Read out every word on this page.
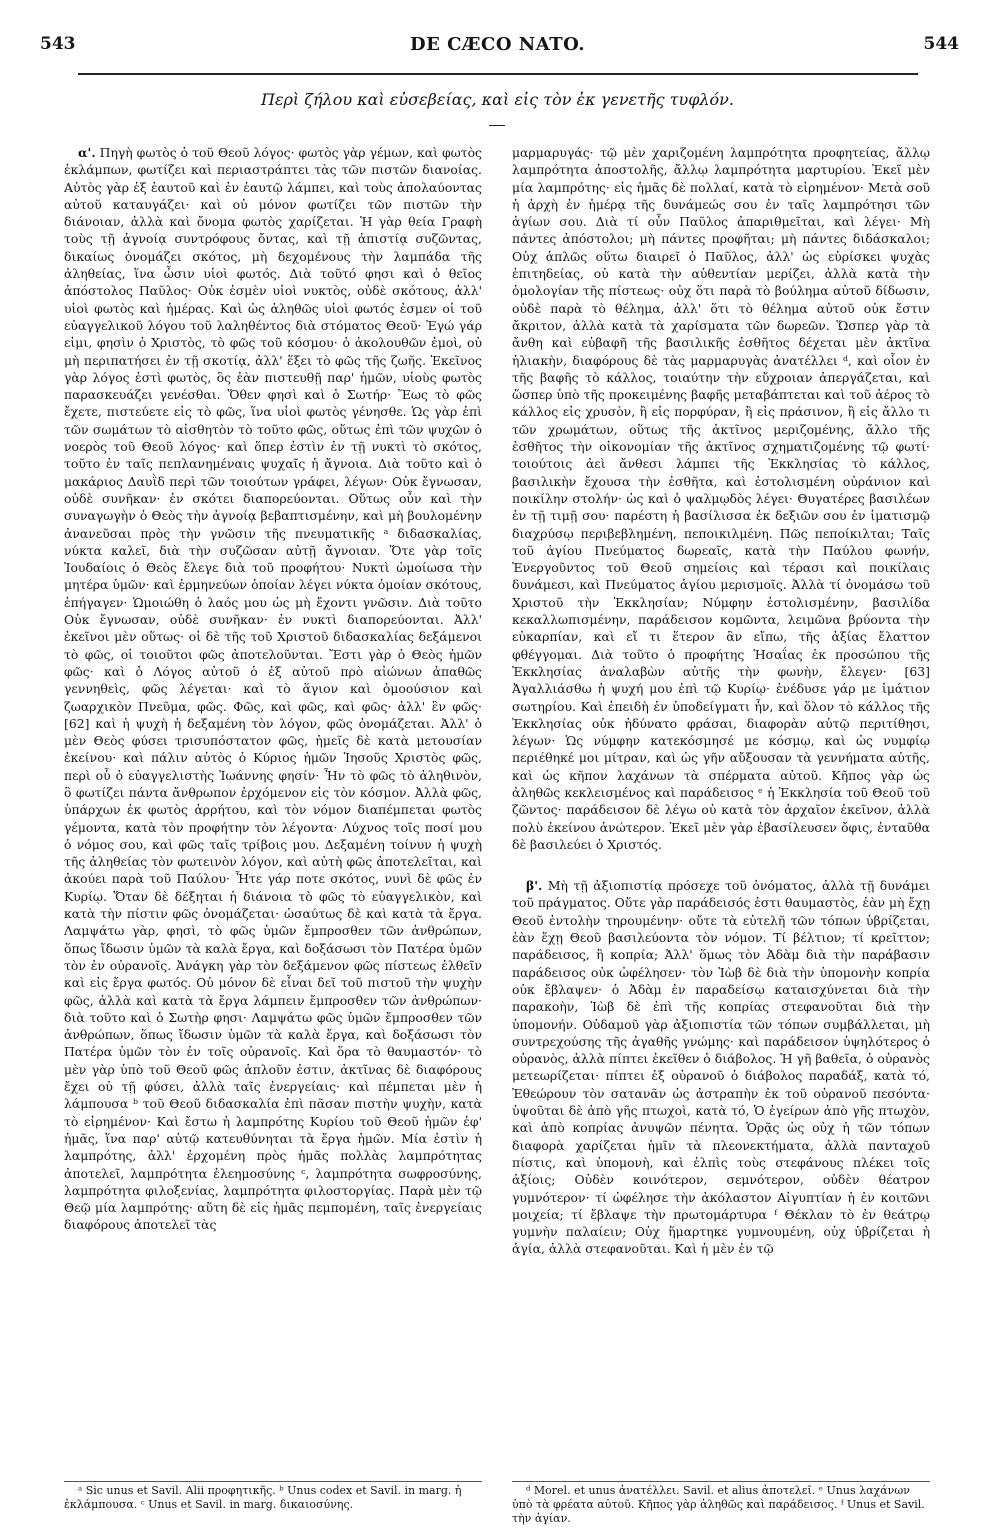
543	DE CÆCO NATO.	544
Περὶ ζήλου καὶ εὐσεβείας, καὶ εἰς τὸν ἐκ γενετῆς τυφλόν.

α'. Πηγὴ φωτὸς ὁ τοῦ Θεοῦ λόγος· φωτὸς γὰρ γέμων, καὶ φωτὸς ἐκλάμπων, φωτίζει καὶ περιαστράπτει τὰς τῶν πιστῶν διανοίας. Αὐτὸς γὰρ ἐξ ἑαυτοῦ καὶ ἐν ἑαυτῷ λάμπει, καὶ τοὺς ἀπολαύοντας αὐτοῦ καταυγάζει· καὶ οὐ μόνον φωτίζει τῶν πιστῶν τὴν διάνοιαν, ἀλλὰ καὶ ὄνομα φωτὸς χαρίζεται. Ἡ γὰρ θεία Γραφὴ τοὺς τῇ ἀγνοίᾳ συντρόφους ὄντας, καὶ τῇ ἀπιστίᾳ συζῶντας, δικαίως ὀνομάζει σκότος, μὴ δεχομένους τὴν λαμπάδα τῆς ἀληθείας, ἵνα ὦσιν υἱοὶ φωτός. Διὰ τοῦτό φησι καὶ ὁ θεῖος ἀπόστολος Παῦλος· Οὐκ ἐσμὲν υἱοὶ νυκτὸς, οὐδὲ σκότους, ἀλλ' υἱοὶ φωτὸς καὶ ἡμέρας. Καὶ ὡς ἀληθῶς υἱοὶ φωτός ἐσμεν οἱ τοῦ εὐαγγελικοῦ λόγου τοῦ λαληθέντος διὰ στόματος Θεοῦ· Ἐγώ γάρ εἰμι, φησὶν ὁ Χριστὸς, τὸ φῶς τοῦ κόσμου· ὁ ἀκολουθῶν ἐμοὶ, οὐ μὴ περιπατήσει ἐν τῇ σκοτίᾳ, ἀλλ' ἕξει τὸ φῶς τῆς ζωῆς. Ἐκεῖνος γὰρ λόγος ἐστὶ φωτὸς, ὃς ἐὰν πιστευθῇ παρ' ἡμῶν, υἱοὺς φωτὸς παρασκευάζει γενέσθαι. Ὅθεν φησὶ καὶ ὁ Σωτήρ· Ἕως τὸ φῶς ἔχετε, πιστεύετε εἰς τὸ φῶς, ἵνα υἱοὶ φωτὸς γένησθε. Ὡς γὰρ ἐπὶ τῶν σωμάτων τὸ αἰσθητὸν τὸ τοῦτο φῶς, οὕτως ἐπὶ τῶν ψυχῶν ὁ νοερὸς τοῦ Θεοῦ λόγος· καὶ ὅπερ ἐστὶν ἐν τῇ νυκτὶ τὸ σκότος, τοῦτο ἐν ταῖς πεπλανημέναις ψυχαῖς ἡ ἄγνοια. Διὰ τοῦτο καὶ ὁ μακάριος Δαυῒδ περὶ τῶν τοιούτων γράφει, λέγων· Οὐκ ἔγνωσαν, οὐδὲ συνῆκαν· ἐν σκότει διαπορεύονται. Οὕτως οὖν καὶ τὴν συναγωγὴν ὁ Θεὸς τὴν ἀγνοίᾳ βεβαπτισμένην, καὶ μὴ βουλομένην ἀνανεῦσαι πρὸς τὴν γνῶσιν τῆς πνευματικῆς ᵃ διδασκαλίας, νύκτα καλεῖ, διὰ τὴν συζῶσαν αὐτῇ ἄγνοιαν. Ὅτε γὰρ τοῖς Ἰουδαίοις ὁ Θεὸς ἔλεγε διὰ τοῦ προφήτου· Νυκτὶ ὡμοίωσα τὴν μητέρα ὑμῶν· καὶ ἑρμηνεύων ὁποίαν λέγει νύκτα ὁμοίαν σκότους, ἐπήγαγεν· Ὡμοιώθη ὁ λαός μου ὡς μὴ ἔχοντι γνῶσιν. Διὰ τοῦτο Οὐκ ἔγνωσαν, οὐδὲ συνῆκαν· ἐν νυκτὶ διαπορεύονται. Ἀλλ' ἐκεῖνοι μὲν οὕτως· οἱ δὲ τῆς τοῦ Χριστοῦ διδασκαλίας δεξάμενοι τὸ φῶς, οἱ τοιοῦτοι φῶς ἀποτελοῦνται. Ἔστι γὰρ ὁ Θεὸς ἡμῶν φῶς· καὶ ὁ Λόγος αὐτοῦ ὁ ἐξ αὐτοῦ πρὸ αἰώνων ἀπαθῶς γεννηθεὶς, φῶς λέγεται· καὶ τὸ ἅγιον καὶ ὁμοούσιον καὶ ζωαρχικὸν Πνεῦμα, φῶς. Φῶς, καὶ φῶς, καὶ φῶς· ἀλλ' ἓν φῶς· [62] καὶ ἡ ψυχὴ ἡ δεξαμένη τὸν λόγον, φῶς ὀνομάζεται. Ἀλλ' ὁ μὲν Θεὸς φύσει τρισυπόστατον φῶς, ἡμεῖς δὲ κατὰ μετουσίαν ἐκείνου· καὶ πάλιν αὐτὸς ὁ Κύριος ἡμῶν Ἰησοῦς Χριστὸς φῶς, περὶ οὗ ὁ εὐαγγελιστὴς Ἰωάννης φησίν· Ἦν τὸ φῶς τὸ ἀληθινὸν, ὃ φωτίζει πάντα ἄνθρωπον ἐρχόμενον εἰς τὸν κόσμον. Ἀλλὰ φῶς, ὑπάρχων ἐκ φωτὸς ἀρρήτου, καὶ τὸν νόμον διαπέμπεται φωτὸς γέμοντα, κατὰ τὸν προφήτην τὸν λέγοντα· Λύχνος τοῖς ποσί μου ὁ νόμος σου, καὶ φῶς ταῖς τρίβοις μου. Δεξαμένη τοίνυν ἡ ψυχὴ τῆς ἀληθείας τὸν φωτεινὸν λόγον, καὶ αὐτὴ φῶς ἀποτελεῖται, καὶ ἀκούει παρὰ τοῦ Παύλου· Ἦτε γάρ ποτε σκότος, νυνὶ δὲ φῶς ἐν Κυρίῳ. Ὅταν δὲ δέξηται ἡ διάνοια τὸ φῶς τὸ εὐαγγελικὸν, καὶ κατὰ τὴν πίστιν φῶς ὀνομάζεται· ὡσαύτως δὲ καὶ κατὰ τὰ ἔργα. Λαμψάτω γὰρ, φησὶ, τὸ φῶς ὑμῶν ἔμπροσθεν τῶν ἀνθρώπων, ὅπως ἴδωσιν ὑμῶν τὰ καλὰ ἔργα, καὶ δοξάσωσι τὸν Πατέρα ὑμῶν τὸν ἐν οὐρανοῖς. Ἀνάγκη γὰρ τὸν δεξάμενον φῶς πίστεως ἐλθεῖν καὶ εἰς ἔργα φωτός. Οὐ μόνον δὲ εἶναι δεῖ τοῦ πιστοῦ τὴν ψυχὴν φῶς, ἀλλὰ καὶ κατὰ τὰ ἔργα λάμπειν ἔμπροσθεν τῶν ἀνθρώπων· διὰ τοῦτο καὶ ὁ Σωτὴρ φησι· Λαμψάτω φῶς ὑμῶν ἔμπροσθεν τῶν ἀνθρώπων, ὅπως ἴδωσιν ὑμῶν τὰ καλὰ ἔργα, καὶ δοξάσωσι τὸν Πατέρα ὑμῶν τὸν ἐν τοῖς οὐρανοῖς. Καὶ ὅρα τὸ θαυμαστόν· τὸ μὲν γὰρ ὑπὸ τοῦ Θεοῦ φῶς ἁπλοῦν ἐστιν, ἀκτῖνας δὲ διαφόρους ἔχει οὐ τῇ φύσει, ἀλλὰ ταῖς ἐνεργείαις· καὶ πέμπεται μὲν ἡ λάμπουσα ᵇ τοῦ Θεοῦ διδασκαλία ἐπὶ πᾶσαν πιστὴν ψυχὴν, κατὰ τὸ εἰρημένον· Καὶ ἔστω ἡ λαμπρότης Κυρίου τοῦ Θεοῦ ἡμῶν ἐφ' ἡμᾶς, ἵνα παρ' αὐτῷ κατευθύνηται τὰ ἔργα ἡμῶν. Μία ἐστὶν ἡ λαμπρότης, ἀλλ' ἐρχομένη πρὸς ἡμᾶς πολλὰς λαμπρότητας ἀποτελεῖ, λαμπρότητα ἐλεημοσύνης ᶜ, λαμπρότητα σωφροσύνης, λαμπρότητα φιλοξενίας, λαμπρότητα φιλοστοργίας. Παρὰ μὲν τῷ Θεῷ μία λαμπρότης· αὕτη δὲ εἰς ἡμᾶς πεμπομένη, ταῖς ἐνεργείαις διαφόρους ἀποτελεῖ τὰς

μαρμαρυγάς· τῷ μὲν χαριζομένη λαμπρότητα προφητείας, ἄλλῳ λαμπρότητα ἀποστολῆς, ἄλλῳ λαμπρότητα μαρτυρίου. Ἐκεῖ μὲν μία λαμπρότης· εἰς ἡμᾶς δὲ πολλαί, κατὰ τὸ εἰρημένον· Μετὰ σοῦ ἡ ἀρχὴ ἐν ἡμέρᾳ τῆς δυνάμεώς σου ἐν ταῖς λαμπρότησι τῶν ἁγίων σου. Διὰ τί οὖν Παῦλος ἀπαριθμεῖται, καὶ λέγει· Μὴ πάντες ἀπόστολοι; μὴ πάντες προφῆται; μὴ πάντες διδάσκαλοι; Οὐχ ἁπλῶς οὕτω διαιρεῖ ὁ Παῦλος, ἀλλ' ὡς εὑρίσκει ψυχὰς ἐπιτηδείας, οὐ κατὰ τὴν αὐθεντίαν μερίζει, ἀλλὰ κατὰ τὴν ὁμολογίαν τῆς πίστεως· οὐχ ὅτι παρὰ τὸ βούλημα αὐτοῦ δίδωσιν, οὐδὲ παρὰ τὸ θέλημα, ἀλλ' ὅτι τὸ θέλημα αὐτοῦ οὐκ ἔστιν ἄκριτον, ἀλλὰ κατὰ τὰ χαρίσματα τῶν δωρεῶν. Ὥσπερ γὰρ τὰ ἄνθη καὶ εὐβαφῆ τῆς βασιλικῆς ἐσθῆτος δέχεται μὲν ἀκτῖνα ἡλιακὴν, διαφόρους δὲ τὰς μαρμαρυγὰς ἀνατέλλει ᵈ, καὶ οἷον ἐν τῆς βαφῆς τὸ κάλλος, τοιαύτην τὴν εὔχροιαν ἀπεργάζεται, καὶ ὥσπερ ὑπὸ τῆς προκειμένης βαφῆς μεταβάπτεται καὶ τοῦ ἀέρος τὸ κάλλος εἰς χρυσὸν, ἢ εἰς πορφύραν, ἢ εἰς πράσινον, ἢ εἰς ἄλλο τι τῶν χρωμάτων, οὕτως τῆς ἀκτῖνος μεριζομένης, ἄλλο τῆς ἐσθῆτος τὴν οἰκονομίαν τῆς ἀκτῖνος σχηματιζομένης τῷ φωτί· τοιούτοις ἀεὶ ἄνθεσι λάμπει τῆς Ἐκκλησίας τὸ κάλλος, βασιλικὴν ἔχουσα τὴν ἐσθῆτα, καὶ ἐστολισμένη οὐράνιον καὶ ποικίλην στολήν· ὡς καὶ ὁ ψαλμῳδὸς λέγει· Θυγατέρες βασιλέων ἐν τῇ τιμῇ σου· παρέστη ἡ βασίλισσα ἐκ δεξιῶν σου ἐν ἱματισμῷ διαχρύσῳ περιβεβλημένη, πεποικιλμένη. Πῶς πεποίκιλται; Ταῖς τοῦ ἁγίου Πνεύματος δωρεαῖς, κατὰ τὴν Παύλου φωνήν, Ἐνεργοῦντος τοῦ Θεοῦ σημείοις καὶ τέρασι καὶ ποικίλαις δυνάμεσι, καὶ Πνεύματος ἁγίου μερισμοῖς. Ἀλλὰ τί ὀνομάσω τοῦ Χριστοῦ τὴν Ἐκκλησίαν; Νύμφην ἐστολισμένην, βασιλίδα κεκαλλωπισμένην, παράδεισον κομῶντα, λειμῶνα βρύοντα τὴν εὐκαρπίαν, καὶ εἴ τι ἕτερον ἂν εἴπω, τῆς ἀξίας ἔλαττον φθέγγομαι. Διὰ τοῦτο ὁ προφήτης Ἡσαΐας ἐκ προσώπου τῆς Ἐκκλησίας ἀναλαβὼν αὐτῆς τὴν φωνὴν, ἔλεγεν· [63] Ἀγαλλιάσθω ἡ ψυχή μου ἐπὶ τῷ Κυρίῳ· ἐνέδυσε γάρ με ἱμάτιον σωτηρίου. Καὶ ἐπειδὴ ἐν ὑποδείγματι ἦν, καὶ ὅλον τὸ κάλλος τῆς Ἐκκλησίας οὐκ ἠδύνατο φράσαι, διαφορὰν αὐτῷ περιτίθησι, λέγων· Ὡς νύμφην κατεκόσμησέ με κόσμῳ, καὶ ὡς νυμφίῳ περιέθηκέ μοι μίτραν, καὶ ὡς γῆν αὔξουσαν τὰ γεννήματα αὐτῆς, καὶ ὡς κῆπον λαχάνων τὰ σπέρματα αὐτοῦ. Κῆπος γὰρ ὡς ἀληθῶς κεκλεισμένος καὶ παράδεισος ᵉ ἡ Ἐκκλησία τοῦ Θεοῦ τοῦ ζῶντος· παράδεισον δὲ λέγω οὐ κατὰ τὸν ἀρχαῖον ἐκεῖνον, ἀλλὰ πολὺ ἐκείνου ἀνώτερον. Ἐκεῖ μὲν γὰρ ἐβασίλευσεν ὄφις, ἐνταῦθα δὲ βασιλεύει ὁ Χριστός.

β'. Μὴ τῇ ἀξιοπιστίᾳ πρόσεχε τοῦ ὀνόματος, ἀλλὰ τῇ δυνάμει τοῦ πράγματος. Οὔτε γὰρ παράδεισός ἐστι θαυμαστὸς, ἐὰν μὴ ἔχῃ Θεοῦ ἐντολὴν τηρουμένην· οὔτε τὰ εὐτελῆ τῶν τόπων ὑβρίζεται, ἐὰν ἔχῃ Θεοῦ βασιλεύοντα τὸν νόμον. Τί βέλτιον; τί κρεῖττον; παράδεισος, ἢ κοπρία; Ἀλλ' ὅμως τὸν Ἀδὰμ διὰ τὴν παράβασιν παράδεισος οὐκ ὠφέλησεν· τὸν Ἰὼβ δὲ διὰ τὴν ὑπομονὴν κοπρία οὐκ ἔβλαψεν· ὁ Ἀδὰμ ἐν παραδείσῳ καταισχύνεται διὰ τὴν παρακοὴν, Ἰὼβ δὲ ἐπὶ τῆς κοπρίας στεφανοῦται διὰ τὴν ὑπομονήν. Οὐδαμοῦ γὰρ ἀξιοπιστία τῶν τόπων συμβάλλεται, μὴ συντρεχούσης τῆς ἀγαθῆς γνώμης· καὶ παράδεισον ὑψηλότερος ὁ οὐρανὸς, ἀλλὰ πίπτει ἐκεῖθεν ὁ διάβολος. Ἡ γῆ βαθεῖα, ὁ οὐρανὸς μετεωρίζεται· πίπτει ἐξ οὐρανοῦ ὁ διάβολος παραδάξ, κατὰ τό, Ἐθεώρουν τὸν σατανᾶν ὡς ἀστραπὴν ἐκ τοῦ οὐρανοῦ πεσόντα· ὑψοῦται δὲ ἀπὸ γῆς πτωχοὶ, κατὰ τό, Ὁ ἐγείρων ἀπὸ γῆς πτωχὸν, καὶ ἀπὸ κοπρίας ἀνυψῶν πένητα. Ὁρᾷς ὡς οὐχ ἡ τῶν τόπων διαφορὰ χαρίζεται ἡμῖν τὰ πλεονεκτήματα, ἀλλὰ πανταχοῦ πίστις, καὶ ὑπομονὴ, καὶ ἐλπὶς τοὺς στεφάνους πλέκει τοῖς ἀξίοις; Οὐδὲν κοινότερον, σεμνότερον, οὐδὲν θέατρον γυμνότερον· τί ὠφέλησε τὴν ἀκόλαστον Αἰγυπτίαν ἡ ἐν κοιτῶνι μοιχεία; τί ἔβλαψε τὴν πρωτομάρτυρα ᶠ Θέκλαν τὸ ἐν θεάτρῳ γυμνὴν παλαίειν; Οὐχ ἥμαρτηκε γυμνουμένη, οὐχ ὑβρίζεται ἡ ἁγία, ἀλλὰ στεφανοῦται. Καὶ ἡ μὲν ἐν τῷ

ᵃ Sic unus et Savil. Alii προφητικῆς. ᵇ Unus codex et Savil. in marg. ἡ ἐκλάμπουσα. ᶜ Unus et Savil. in marg. δικαιοσύνης.

ᵈ Morel. et unus ἀνατέλλει. Savil. et alius ἀποτελεῖ. ᵉ Unus λαχάνων ὑπὸ τὰ φρέατα αὐτοῦ. Κῆπος γὰρ ἀληθῶς καὶ παράδεισος. ᶠ Unus et Savil. τὴν ἁγίαν.
